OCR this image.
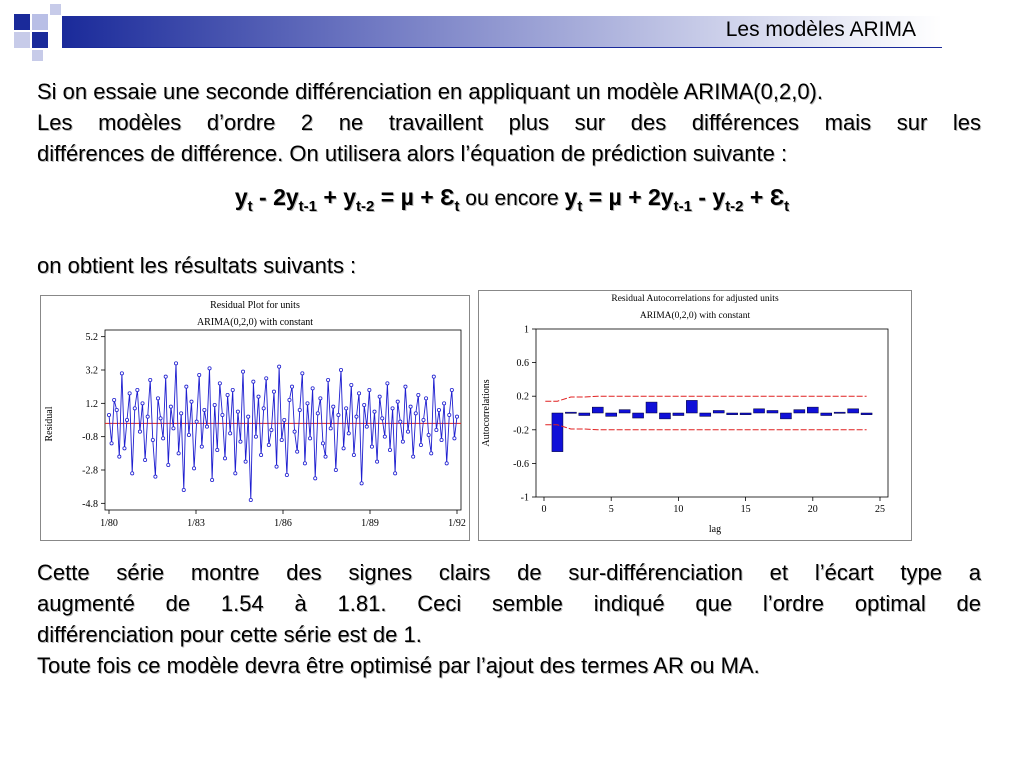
Les modèles ARIMA
Si on essaie une seconde différenciation en appliquant un modèle ARIMA(0,2,0).
Les modèles d’ordre 2 ne travaillent plus sur des différences mais sur les
différences de différence. On utilisera alors l’équation de prédiction suivante :
$y_t - 2y_{t-1} + y_{t-2} = \mu$ + $Ɛ_t$ ou encore $y_t = \mu + 2y_{t-1} - y_{t-2}$ + $Ɛ_t$
on obtient les résultats suivants :
Residual Plot for units
ARIMA(0,2,0) with constant
Residual
5.2
3.2
1.2
-0.8
-2.8
-4.8
1/80	1/83	1/86	1/89	1/92
Residual Autocorrelations for adjusted units
ARIMA(0,2,0) with constant
Autocorrelations
lag
1
0.6
0.2
-0.2
-0.6
-1
0	5	10	15	20	25
Cette série montre des signes clairs de sur-différenciation et l’écart type a
augmenté de 1.54 à 1.81. Ceci semble indiqué que l’ordre optimal de
différenciation pour cette série est de 1.
Toute fois ce modèle devra être optimisé par l’ajout des termes AR ou MA.
